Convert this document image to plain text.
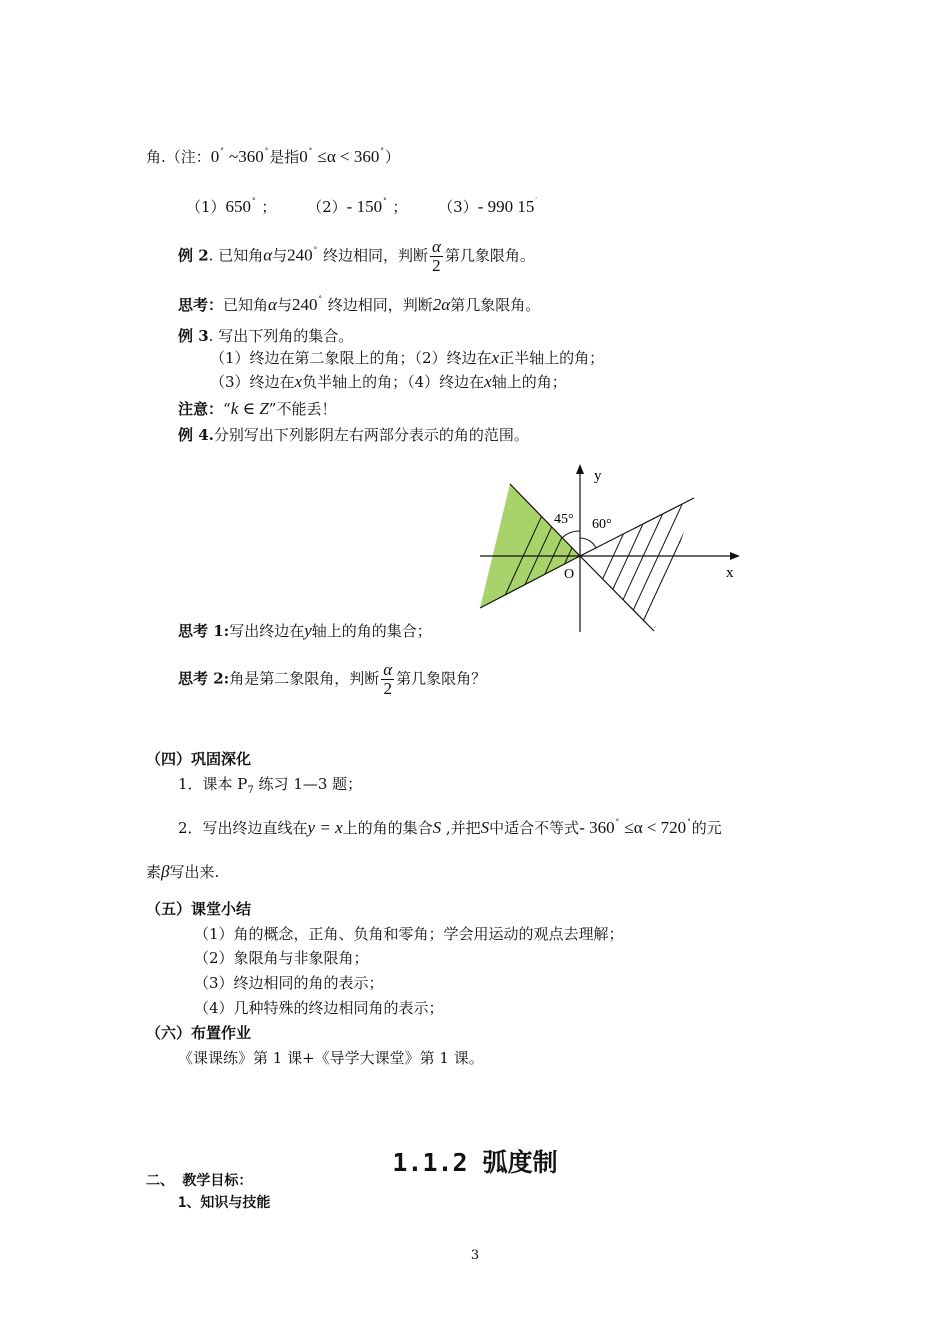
角.（注：0° ~360°是指0° ≤α < 360°）
（1）650° ； （2）- 150° ； （3）- 990 15′
例 2. 已知角α与240° 终边相同，判断 $\frac{\alpha}{2}$ 第几象限角。
思考：已知角α与240° 终边相同，判断2α第几象限角。
例 3. 写出下列角的集合。
（1）终边在第二象限上的角；（2）终边在x正半轴上的角；
（3）终边在x负半轴上的角；（4）终边在x轴上的角；
注意：“k ∈ Z”不能丢！
例 4.分别写出下列影阴左右两部分表示的角的范围。
y
x
O
45° 60°
思考 1:写出终边在y轴上的角的集合；
思考 2:角是第二象限角，判断 $\frac{\alpha}{2}$ 第几象限角？
（四）巩固深化
1．课本 $P_7$ 练习 1—3 题；
2．写出终边直线在y = x上的角的集合S ,并把S中适合不等式- 360° ≤α < 720°的元
素β写出来.
（五）课堂小结
（1）角的概念，正角、负角和零角；学会用运动的观点去理解；
（2）象限角与非象限角；
（3）终边相同的角的表示；
（4）几种特殊的终边相同角的表示；
（六）布置作业
《课课练》第 1 课+《导学大课堂》第 1 课。
1.1.2 弧度制
二、 教学目标：
1、知识与技能
3
